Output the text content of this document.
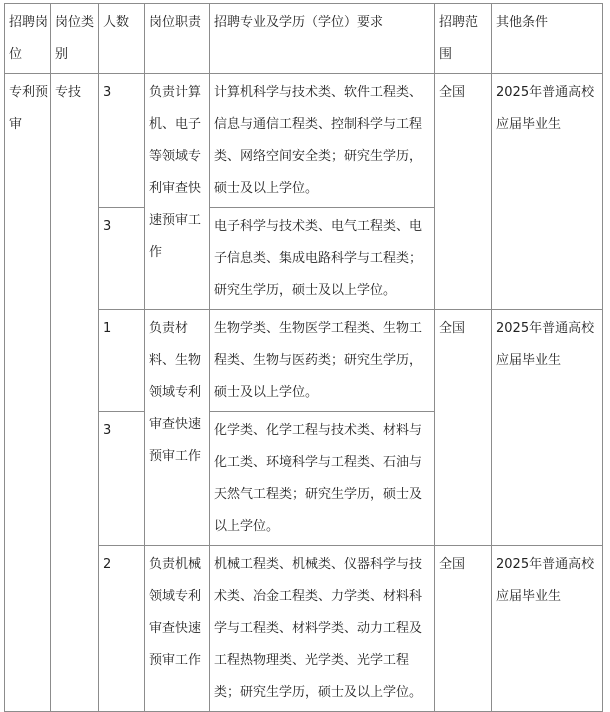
招聘岗位	岗位类别	人数	岗位职责	招聘专业及学历（学位）要求	招聘范围	其他条件
专利预审	专技	3	负责计算机、电子等领域专利审查快速预审工作	计算机科学与技术类、软件工程类、信息与通信工程类、控制科学与工程类、网络空间安全类；研究生学历，硕士及以上学位。	全国	2025年普通高校应届毕业生
		3		电子科学与技术类、电气工程类、电子信息类、集成电路科学与工程类；研究生学历，硕士及以上学位。		
		1	负责材料、生物领域专利审查快速预审工作	生物学类、生物医学工程类、生物工程类、生物与医药类；研究生学历，硕士及以上学位。	全国	2025年普通高校应届毕业生
		3		化学类、化学工程与技术类、材料与化工类、环境科学与工程类、石油与天然气工程类；研究生学历，硕士及以上学位。		
		2	负责机械领域专利审查快速预审工作	机械工程类、机械类、仪器科学与技术类、冶金工程类、力学类、材料科学与工程类、材料学类、动力工程及工程热物理类、光学类、光学工程类；研究生学历，硕士及以上学位。	全国	2025年普通高校应届毕业生
